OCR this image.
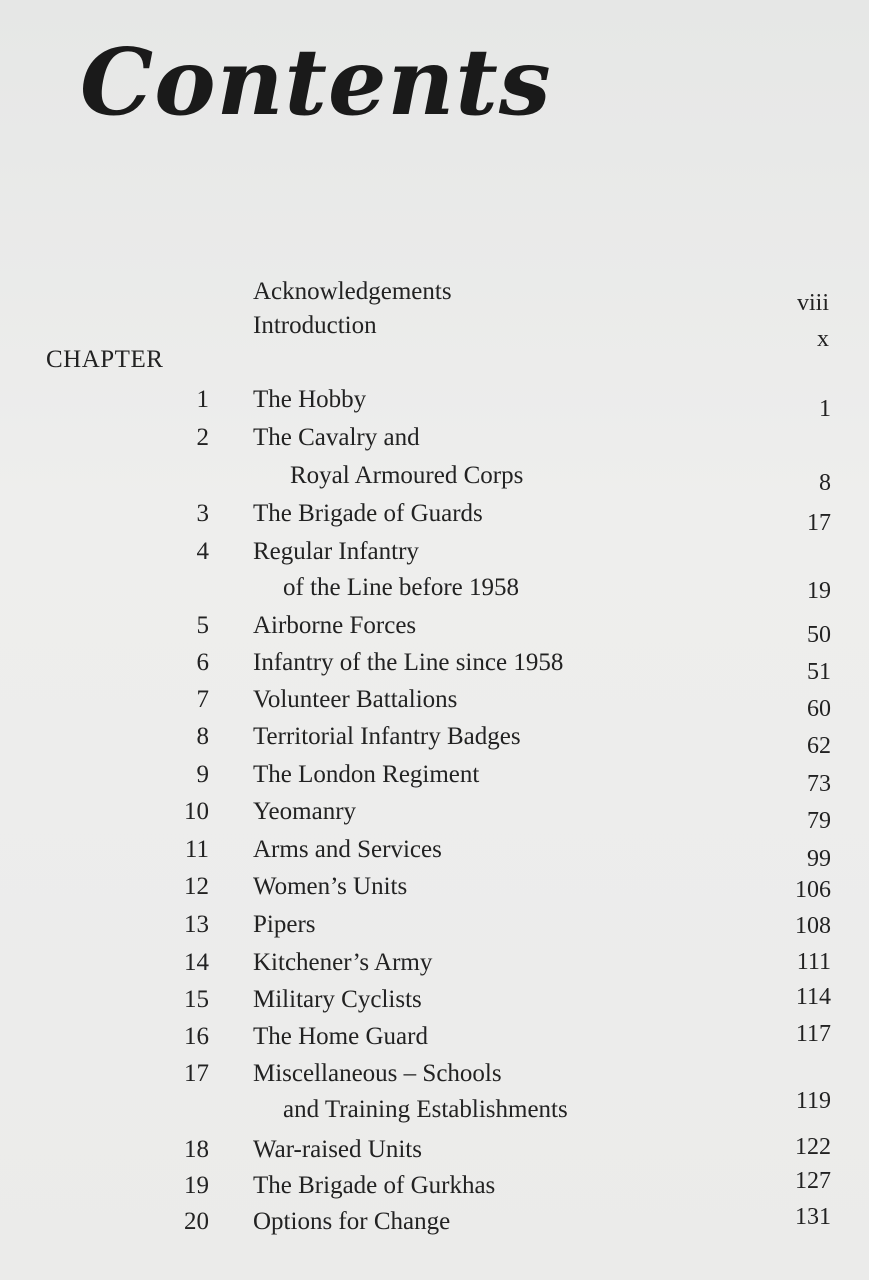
Contents
Acknowledgements	viii
Introduction	x
CHAPTER
1 The Hobby	1
2 The Cavalry and
Royal Armoured Corps	8
3 The Brigade of Guards	17
4 Regular Infantry
of the Line before 1958	19
5 Airborne Forces	50
6 Infantry of the Line since 1958	51
7 Volunteer Battalions	60
8 Territorial Infantry Badges	62
9 The London Regiment	73
10 Yeomanry	79
11 Arms and Services	99
12 Women’s Units	106
13 Pipers	108
14 Kitchener’s Army	111
15 Military Cyclists	114
16 The Home Guard	117
17 Miscellaneous – Schools
and Training Establishments	119
18 War-raised Units	122
19 The Brigade of Gurkhas	127
20 Options for Change	131
